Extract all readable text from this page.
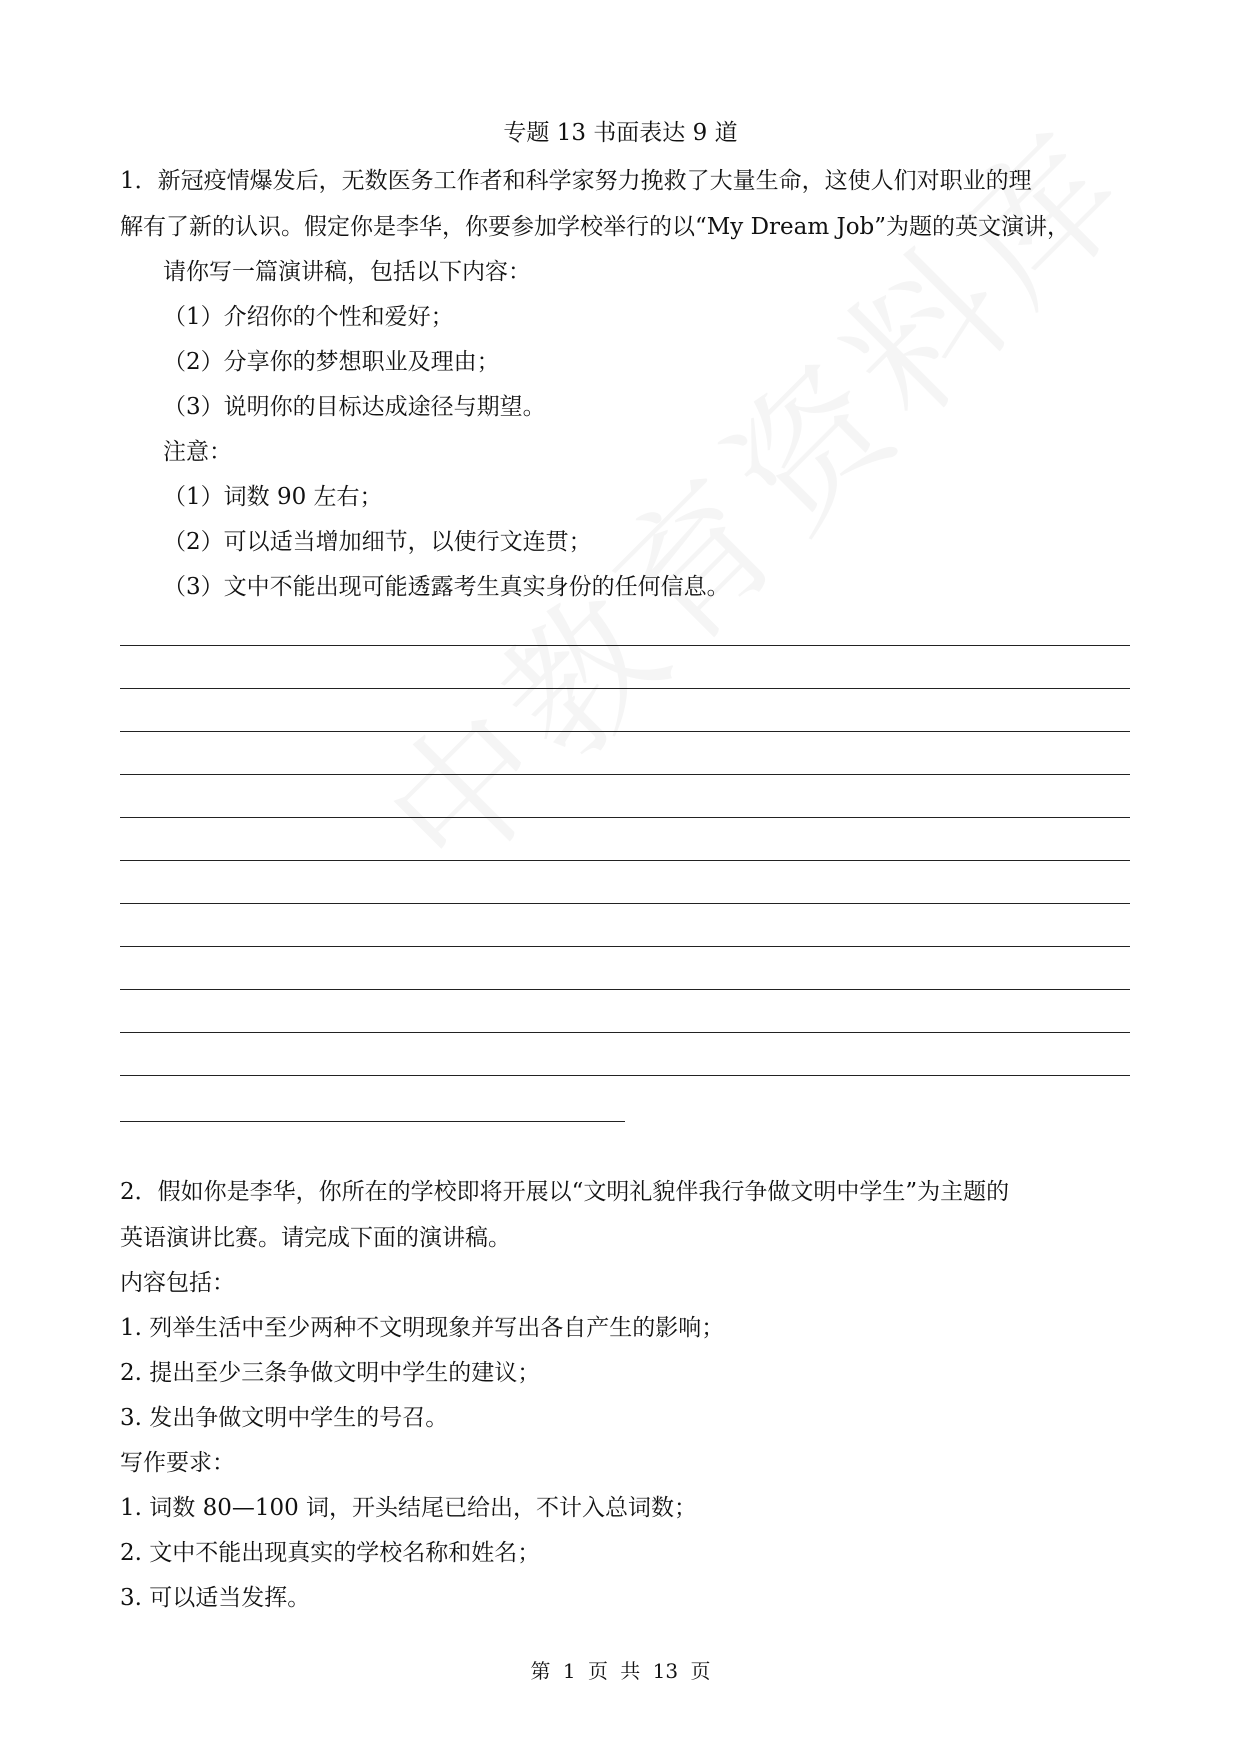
专题 13 书面表达 9 道
1．新冠疫情爆发后，无数医务工作者和科学家努力挽救了大量生命，这使人们对职业的理
解有了新的认识。假定你是李华，你要参加学校举行的以“My Dream Job”为题的英文演讲，
请你写一篇演讲稿，包括以下内容：
（1）介绍你的个性和爱好；
（2）分享你的梦想职业及理由；
（3）说明你的目标达成途径与期望。
注意：
（1）词数 90 左右；
（2）可以适当增加细节，以使行文连贯；
（3）文中不能出现可能透露考生真实身份的任何信息。
2．假如你是李华，你所在的学校即将开展以“文明礼貌伴我行争做文明中学生”为主题的
英语演讲比赛。请完成下面的演讲稿。
内容包括：
1. 列举生活中至少两种不文明现象并写出各自产生的影响；
2. 提出至少三条争做文明中学生的建议；
3. 发出争做文明中学生的号召。
写作要求：
1. 词数 80—100 词，开头结尾已给出，不计入总词数；
2. 文中不能出现真实的学校名称和姓名；
3. 可以适当发挥。
第 1 页 共 13 页
